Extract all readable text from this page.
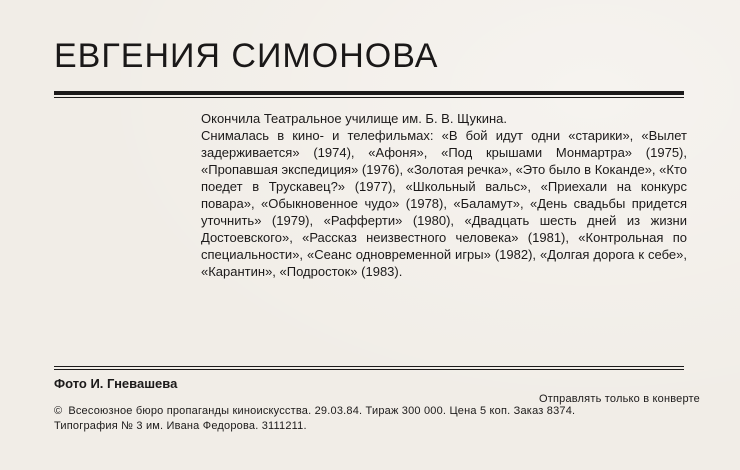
ЕВГЕНИЯ СИМОНОВА

Окончила Театральное училище им. Б. В. Щукина.

Снималась в кино- и телефильмах: «В бой идут одни «старики», «Вылет задерживается» (1974), «Афоня», «Под крышами Монмартра» (1975), «Пропавшая экспедиция» (1976), «Золотая речка», «Это было в Коканде», «Кто поедет в Трускавец?» (1977), «Школьный вальс», «Приехали на конкурс повара», «Обыкновенное чудо» (1978), «Баламут», «День свадьбы придется уточнить» (1979), «Рафферти» (1980), «Двадцать шесть дней из жизни Достоевского», «Рассказ неизвестного человека» (1981), «Контрольная по специальности», «Сеанс одновременной игры» (1982), «Долгая дорога к себе», «Карантин», «Подросток» (1983).

Фото И. Гневашева
Отправлять только в конверте
© Всесоюзное бюро пропаганды киноискусства. 29.03.84. Тираж 300 000. Цена 5 коп. Заказ 8374.
Типография № 3 им. Ивана Федорова. 3111211.
